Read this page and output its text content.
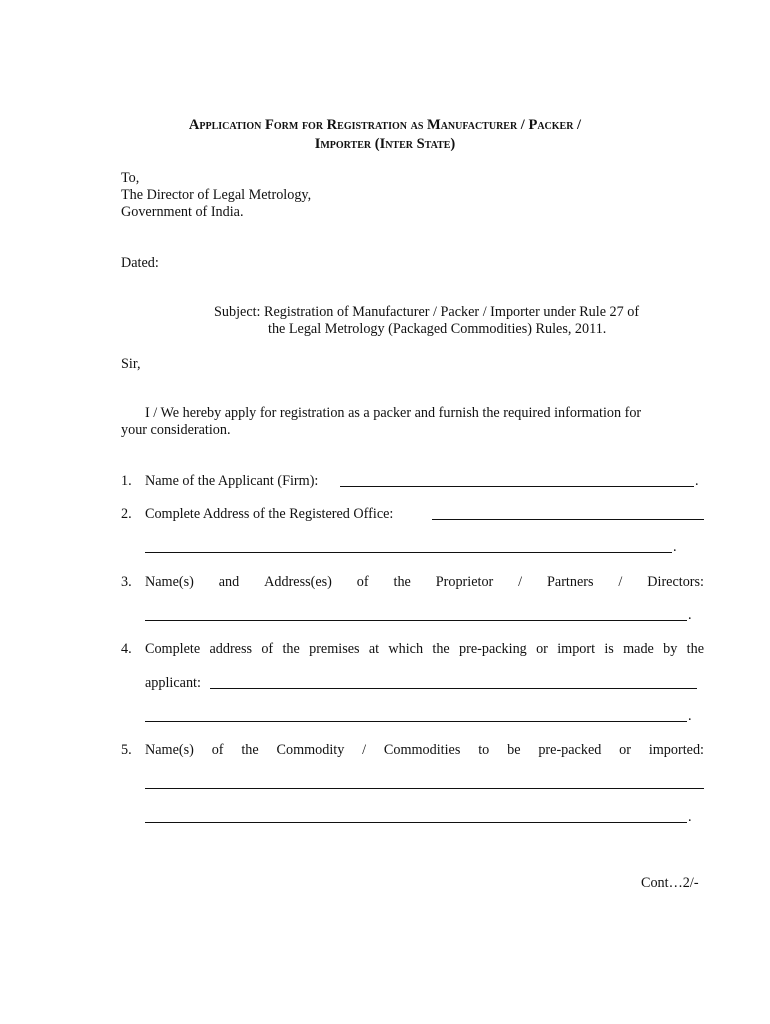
Application Form for Registration as Manufacturer / Packer /
Importer (Inter State)
To,
The Director of Legal Metrology,
Government of India.
Dated:
Subject: Registration of Manufacturer / Packer / Importer under Rule 27 of
the Legal Metrology (Packaged Commodities) Rules, 2011.
Sir,
I / We hereby apply for registration as a packer and furnish the required information for
your consideration.
1. Name of the Applicant (Firm):	.
2. Complete Address of the Registered Office:
.
3. Name(s) and Address(es) of the Proprietor / Partners / Directors:
.
4. Complete address of the premises at which the pre-packing or import is made by the
applicant:
.
5. Name(s) of the Commodity / Commodities to be pre-packed or imported:
.
Cont…2/-
